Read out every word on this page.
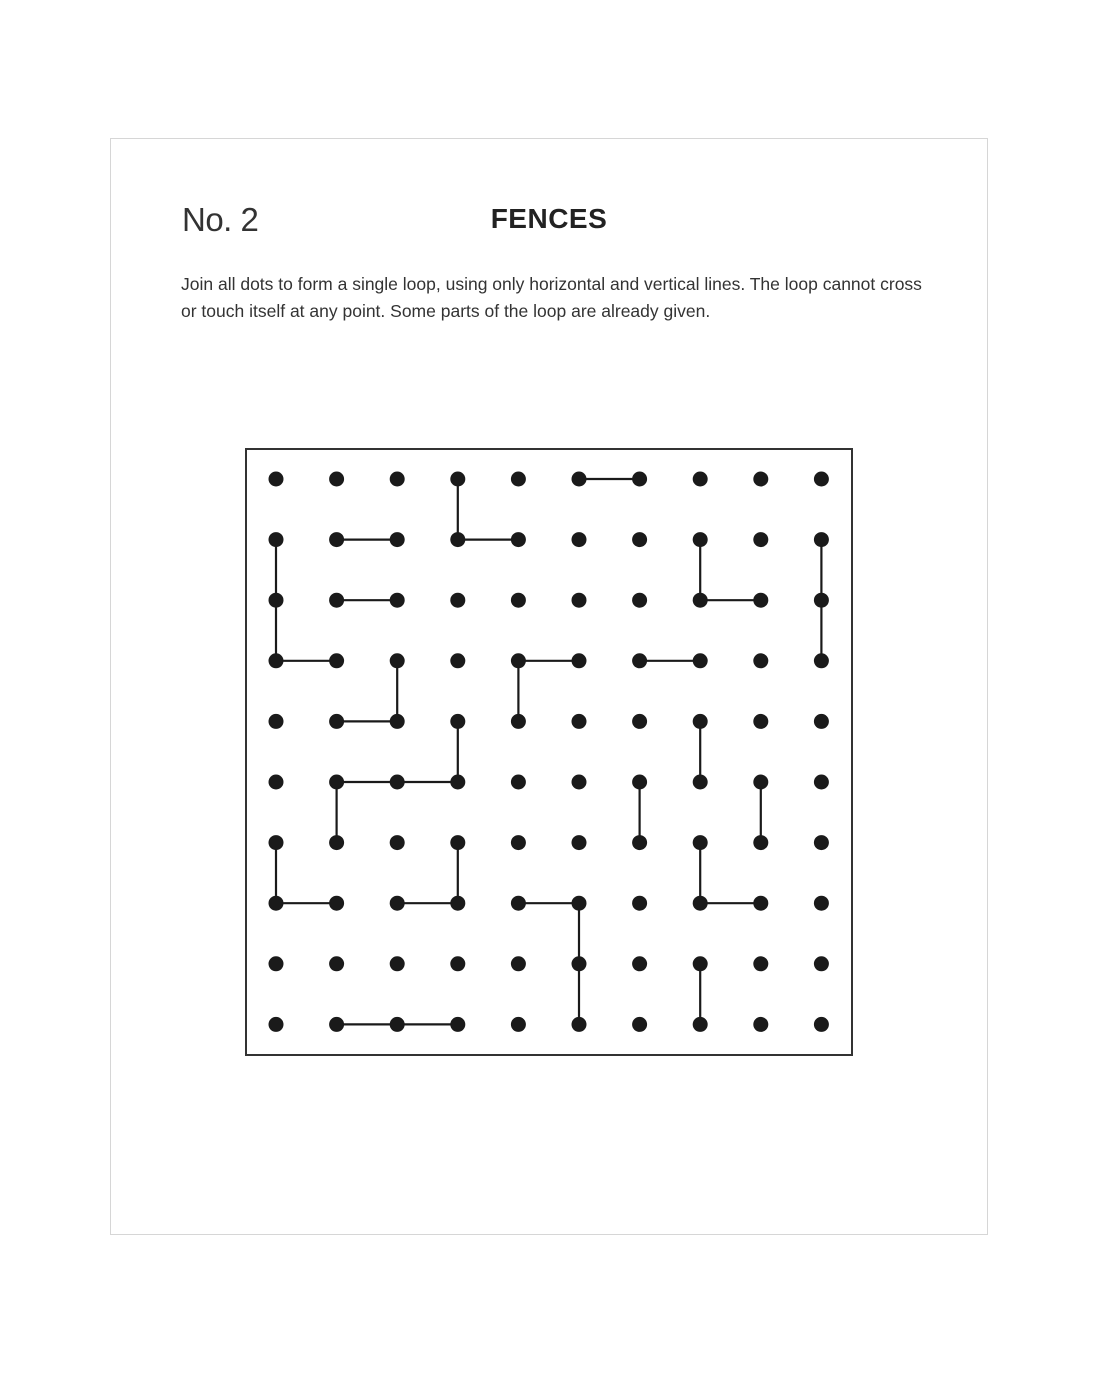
No. 2	FENCES
Join all dots to form a single loop, using only horizontal and vertical lines. The loop cannot cross or touch itself at any point. Some parts of the loop are already given.
